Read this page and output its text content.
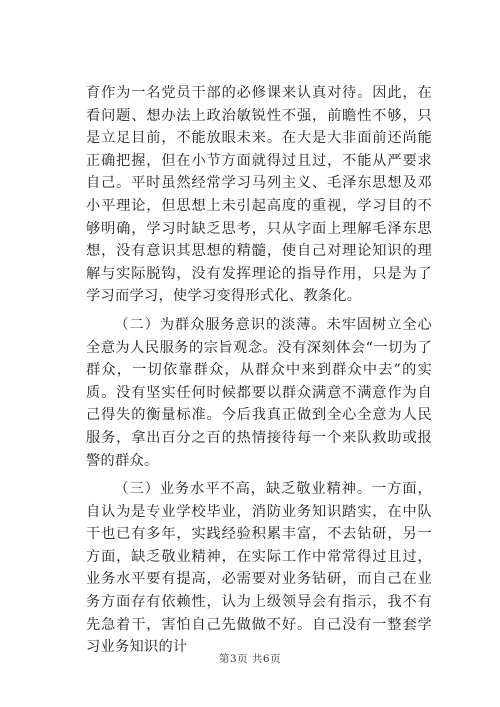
育作为一名党员干部的必修课来认真对待。因此，在看问题、想办法上政治敏锐性不强，前瞻性不够，只是立足目前，不能放眼未来。在大是大非面前还尚能正确把握，但在小节方面就得过且过，不能从严要求自己。平时虽然经常学习马列主义、毛泽东思想及邓小平理论，但思想上未引起高度的重视，学习目的不够明确，学习时缺乏思考，只从字面上理解毛泽东思想，没有意识其思想的精髓，使自己对理论知识的理解与实际脱钩，没有发挥理论的指导作用，只是为了学习而学习，使学习变得形式化、教条化。

（二）为群众服务意识的淡薄。未牢固树立全心全意为人民服务的宗旨观念。没有深刻体会“一切为了群众，一切依靠群众，从群众中来到群众中去”的实质。没有坚实任何时候都要以群众满意不满意作为自己得失的衡量标准。今后我真正做到全心全意为人民服务，拿出百分之百的热情接待每一个来队救助或报警的群众。

（三）业务水平不高，缺乏敬业精神。一方面，自认为是专业学校毕业，消防业务知识踏实，在中队干也已有多年，实践经验积累丰富，不去钻研，另一方面，缺乏敬业精神，在实际工作中常常得过且过，业务水平要有提高，必需要对业务钻研，而自己在业务方面存有依赖性，认为上级领导会有指示，我不有先急着干，害怕自己先做做不好。自己没有一整套学习业务知识的计

第3页 共6页
